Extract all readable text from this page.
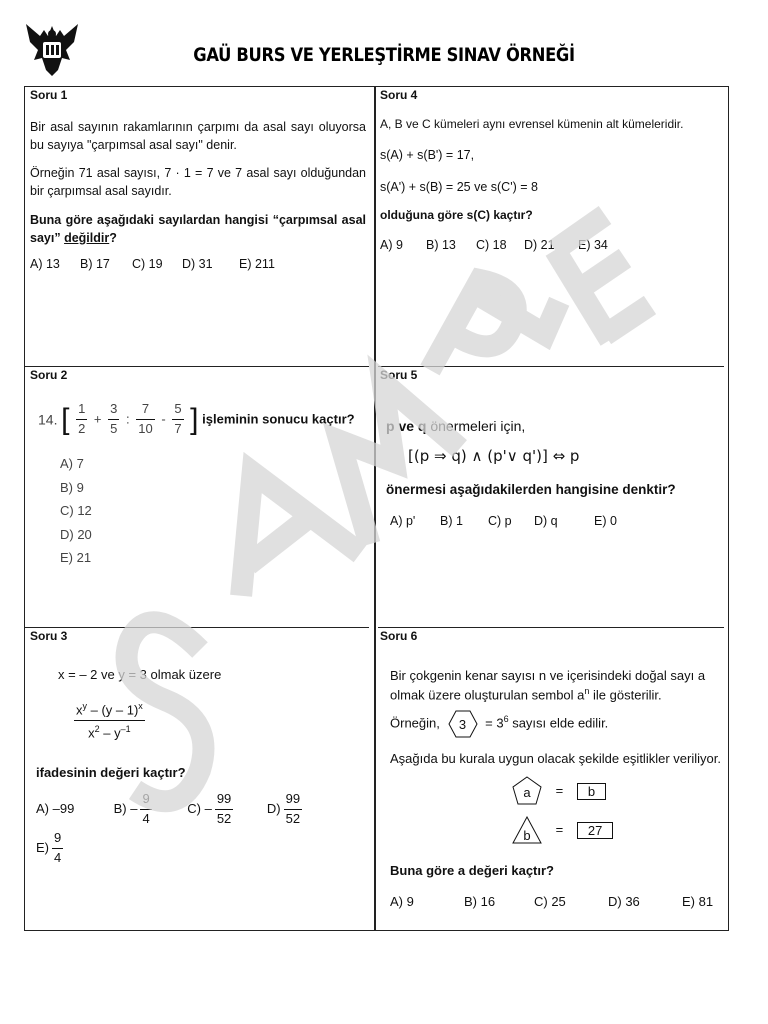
GAÜ BURS VE YERLEŞTİRME SINAV ÖRNEĞİ
Soru 1
Bir asal sayının rakamlarının çarpımı da asal sayı oluyorsa bu sayıya "çarpımsal asal sayı" denir.
Örneğin 71 asal sayısı, 7 · 1 = 7 ve 7 asal sayı olduğundan bir çarpımsal asal sayıdır.
Buna göre aşağıdaki sayılardan hangisi “çarpımsal asal sayı” değildir?
A) 13 B) 17 C) 19 D) 31 E) 211
Soru 2
14. [ $\frac{1}{2} + \frac{3}{5}$ : $\frac{7}{10} - \frac{5}{7}$ ] işleminin sonucu kaçtır?
A) 7
B) 9
C) 12
D) 20
E) 21
Soru 3
x = – 2 ve y = 3 olmak üzere
$\frac{x^y - (y - 1)^x}{x^2 - y^{-1}}$
ifadesinin değeri kaçtır?
A) –99	$B) - \frac{9}{4}$	$C) - \frac{99}{52}$	$D) \frac{99}{52}$
$E) \frac{9}{4}$
Soru 4
A, B ve C kümeleri aynı evrensel kümenin alt kümeleridir.
s(A) + s(B') = 17,
s(A') + s(B) = 25 ve s(C') = 8
olduğuna göre s(C) kaçtır?
A) 9 B) 13 C) 18 D) 21 E) 34
Soru 5
p ve q önermeleri için,
[(p ⇒ q) ∧ (p'∨ q')] ⇔ p
önermesi aşağıdakilerden hangisine denktir?
A) p' B) 1 C) p D) q	E) 0
Soru 6
Bir çokgenin kenar sayısı n ve içerisindeki doğal sayı a olmak üzere oluşturulan sembol $a^n$ ile gösterilir.
Örneğin,	3	= $3^6$ sayısı elde edilir.
Aşağıda bu kurala uygun olacak şekilde eşitlikler veriliyor.
a	= b
b	= 27
Buna göre a değeri kaçtır?
A) 9	B) 16	C) 25	D) 36	E) 81
